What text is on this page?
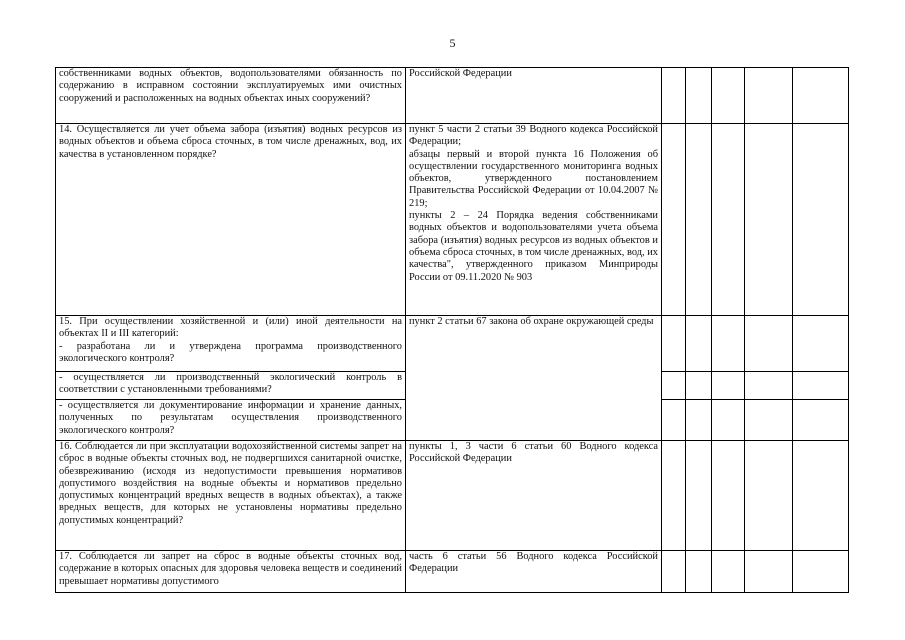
5
собственниками водных объектов, водопользователями обязанность по содержанию в исправном состоянии эксплуатируемых ими очистных сооружений и расположенных на водных объектах иных сооружений?	Российской Федерации					

14. Осуществляется ли учет объема забора (изъятия) водных ресурсов из водных объектов и объема сброса сточных, в том числе дренажных, вод, их качества в установленном порядке?	пункт 5 части 2 статьи 39 Водного кодекса Российской Федерации;
абзацы первый и второй пункта 16 Положения об осуществлении государственного мониторинга водных объектов, утвержденного постановлением Правительства Российской Федерации от 10.04.2007 № 219;
пункты 2 – 24 Порядка ведения собственниками водных объектов и водопользователями учета объема забора (изъятия) водных ресурсов из водных объектов и объема сброса сточных, в том числе дренажных, вод, их качества", утвержденного приказом Минприроды России от 09.11.2020 № 903					

15. При осуществлении хозяйственной и (или) иной деятельности на объектах II и III категорий:
- разработана ли и утверждена программа производственного экологического контроля?	пункт 2 статьи 67 закона об охране окружающей среды					

- осуществляется ли производственный экологический контроль в соответствии с установленными требованиями?						
- осуществляется ли документирование информации и хранение данных, полученных по результатам осуществления производственного экологического контроля?						
16. Соблюдается ли при эксплуатации водохозяйственной системы запрет на сброс в водные объекты сточных вод, не подвергшихся санитарной очистке, обезвреживанию (исходя из недопустимости превышения нормативов допустимого воздействия на водные объекты и нормативов предельно допустимых концентраций вредных веществ в водных объектах), а также вредных веществ, для которых не установлены нормативы предельно допустимых концентраций?	пункты 1, 3 части 6 статьи 60 Водного кодекса Российской Федерации					

17. Соблюдается ли запрет на сброс в водные объекты сточных вод, содержание в которых опасных для здоровья человека веществ и соединений превышает нормативы допустимого	часть 6 статьи 56 Водного кодекса Российской Федерации					
